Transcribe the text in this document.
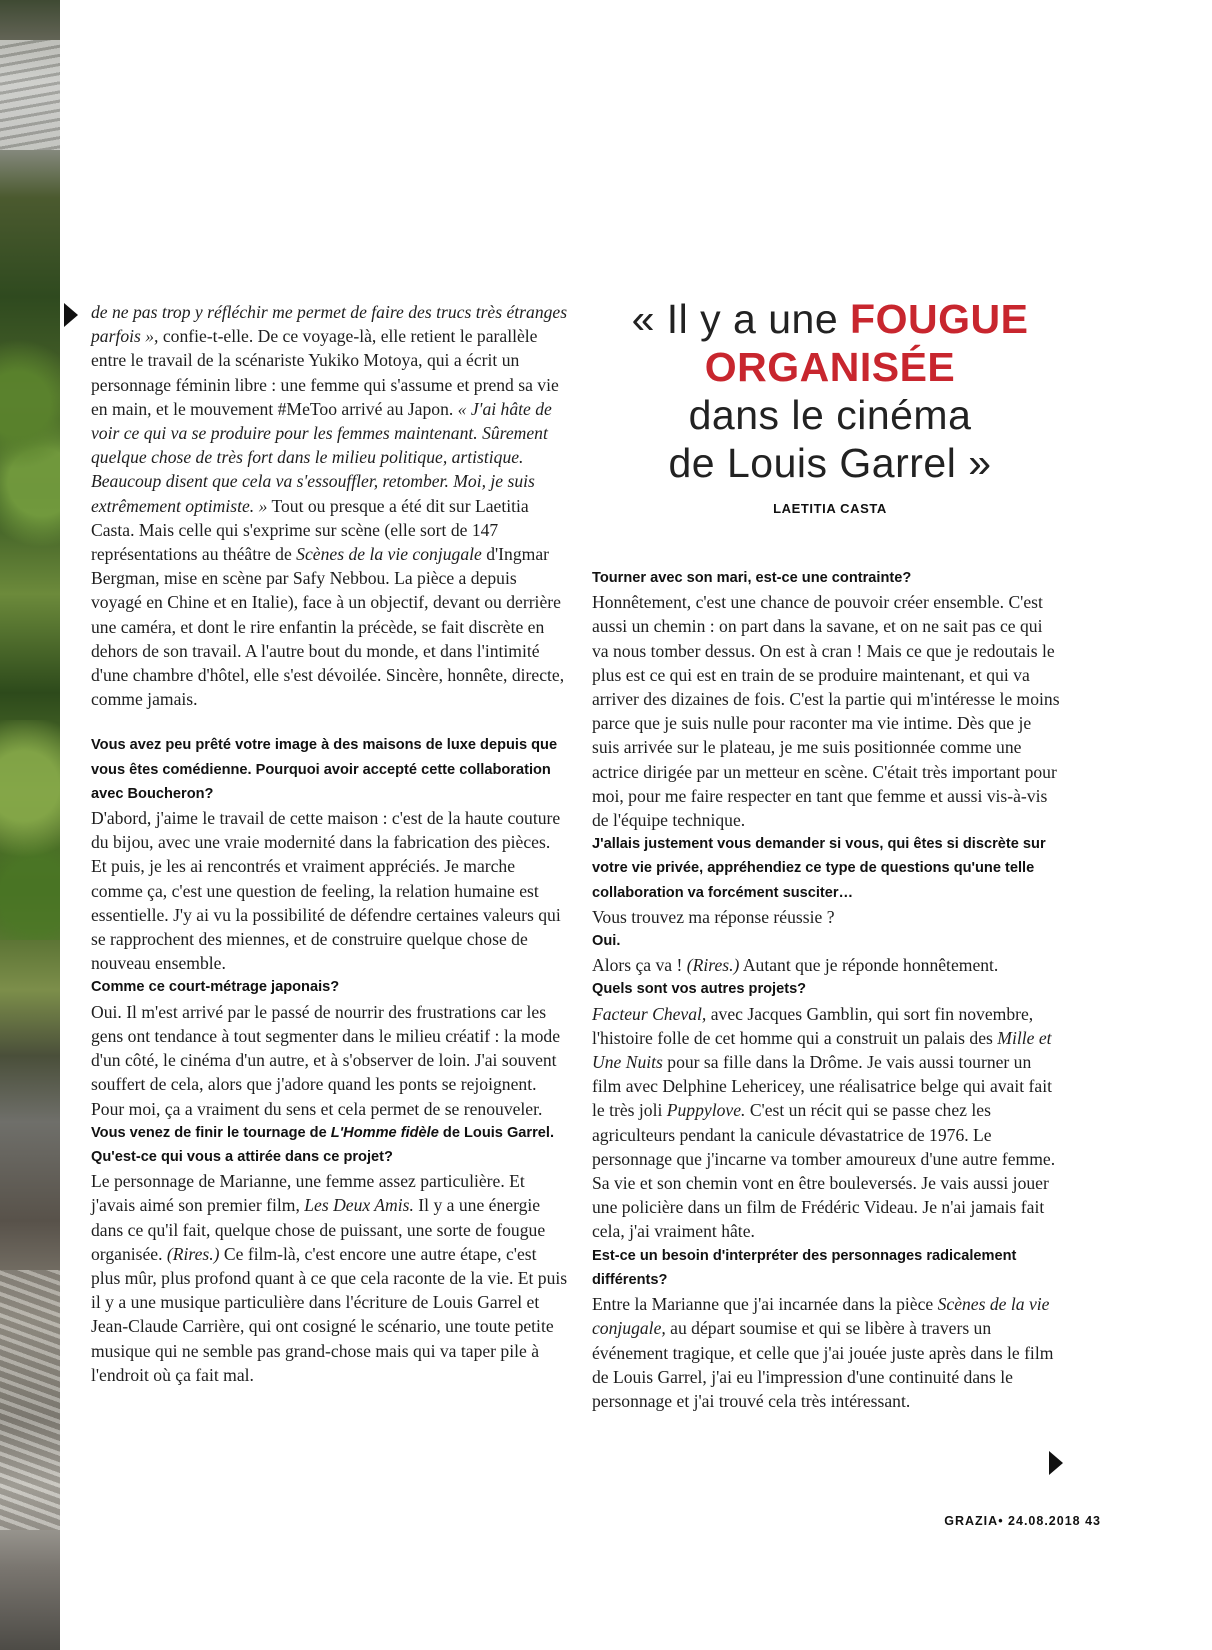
de ne pas trop y réfléchir me permet de faire des trucs très étranges parfois », confie-t-elle. De ce voyage-là, elle retient le parallèle entre le travail de la scénariste Yukiko Motoya, qui a écrit un personnage féminin libre : une femme qui s'assume et prend sa vie en main, et le mouvement #MeToo arrivé au Japon. « J'ai hâte de voir ce qui va se produire pour les femmes maintenant. Sûrement quelque chose de très fort dans le milieu politique, artistique. Beaucoup disent que cela va s'essouffler, retomber. Moi, je suis extrêmement optimiste. » Tout ou presque a été dit sur Laetitia Casta. Mais celle qui s'exprime sur scène (elle sort de 147 représentations au théâtre de Scènes de la vie conjugale d'Ingmar Bergman, mise en scène par Safy Nebbou. La pièce a depuis voyagé en Chine et en Italie), face à un objectif, devant ou derrière une caméra, et dont le rire enfantin la précède, se fait discrète en dehors de son travail. A l'autre bout du monde, et dans l'intimité d'une chambre d'hôtel, elle s'est dévoilée. Sincère, honnête, directe, comme jamais.

Vous avez peu prêté votre image à des maisons de luxe depuis que vous êtes comédienne. Pourquoi avoir accepté cette collaboration avec Boucheron?

D'abord, j'aime le travail de cette maison : c'est de la haute couture du bijou, avec une vraie modernité dans la fabrication des pièces. Et puis, je les ai rencontrés et vraiment appréciés. Je marche comme ça, c'est une question de feeling, la relation humaine est essentielle. J'y ai vu la possibilité de défendre certaines valeurs qui se rapprochent des miennes, et de construire quelque chose de nouveau ensemble.

Comme ce court-métrage japonais?

Oui. Il m'est arrivé par le passé de nourrir des frustrations car les gens ont tendance à tout segmenter dans le milieu créatif : la mode d'un côté, le cinéma d'un autre, et à s'observer de loin. J'ai souvent souffert de cela, alors que j'adore quand les ponts se rejoignent. Pour moi, ça a vraiment du sens et cela permet de se renouveler.

Vous venez de finir le tournage de L'Homme fidèle de Louis Garrel. Qu'est-ce qui vous a attirée dans ce projet?

Le personnage de Marianne, une femme assez particulière. Et j'avais aimé son premier film, Les Deux Amis. Il y a une énergie dans ce qu'il fait, quelque chose de puissant, une sorte de fougue organisée. (Rires.) Ce film-là, c'est encore une autre étape, c'est plus mûr, plus profond quant à ce que cela raconte de la vie. Et puis il y a une musique particulière dans l'écriture de Louis Garrel et Jean-Claude Carrière, qui ont cosigné le scénario, une toute petite musique qui ne semble pas grand-chose mais qui va taper pile à l'endroit où ça fait mal.

« Il y a une FOUGUE
ORGANISÉE
dans le cinéma
de Louis Garrel »
LAETITIA CASTA

Tourner avec son mari, est-ce une contrainte?

Honnêtement, c'est une chance de pouvoir créer ensemble. C'est aussi un chemin : on part dans la savane, et on ne sait pas ce qui va nous tomber dessus. On est à cran ! Mais ce que je redoutais le plus est ce qui est en train de se produire maintenant, et qui va arriver des dizaines de fois. C'est la partie qui m'intéresse le moins parce que je suis nulle pour raconter ma vie intime. Dès que je suis arrivée sur le plateau, je me suis positionnée comme une actrice dirigée par un metteur en scène. C'était très important pour moi, pour me faire respecter en tant que femme et aussi vis-à-vis de l'équipe technique.

J'allais justement vous demander si vous, qui êtes si discrète sur votre vie privée, appréhendiez ce type de questions qu'une telle collaboration va forcément susciter…

Vous trouvez ma réponse réussie ?

Oui.

Alors ça va ! (Rires.) Autant que je réponde honnêtement.

Quels sont vos autres projets?

Facteur Cheval, avec Jacques Gamblin, qui sort fin novembre, l'histoire folle de cet homme qui a construit un palais des Mille et Une Nuits pour sa fille dans la Drôme. Je vais aussi tourner un film avec Delphine Lehericey, une réalisatrice belge qui avait fait le très joli Puppylove. C'est un récit qui se passe chez les agriculteurs pendant la canicule dévastatrice de 1976. Le personnage que j'incarne va tomber amoureux d'une autre femme. Sa vie et son chemin vont en être bouleversés. Je vais aussi jouer une policière dans un film de Frédéric Videau. Je n'ai jamais fait cela, j'ai vraiment hâte.

Est-ce un besoin d'interpréter des personnages radicalement différents?

Entre la Marianne que j'ai incarnée dans la pièce Scènes de la vie conjugale, au départ soumise et qui se libère à travers un événement tragique, et celle que j'ai jouée juste après dans le film de Louis Garrel, j'ai eu l'impression d'une continuité dans le personnage et j'ai trouvé cela très intéressant.

GRAZIA• 24.08.2018 43
